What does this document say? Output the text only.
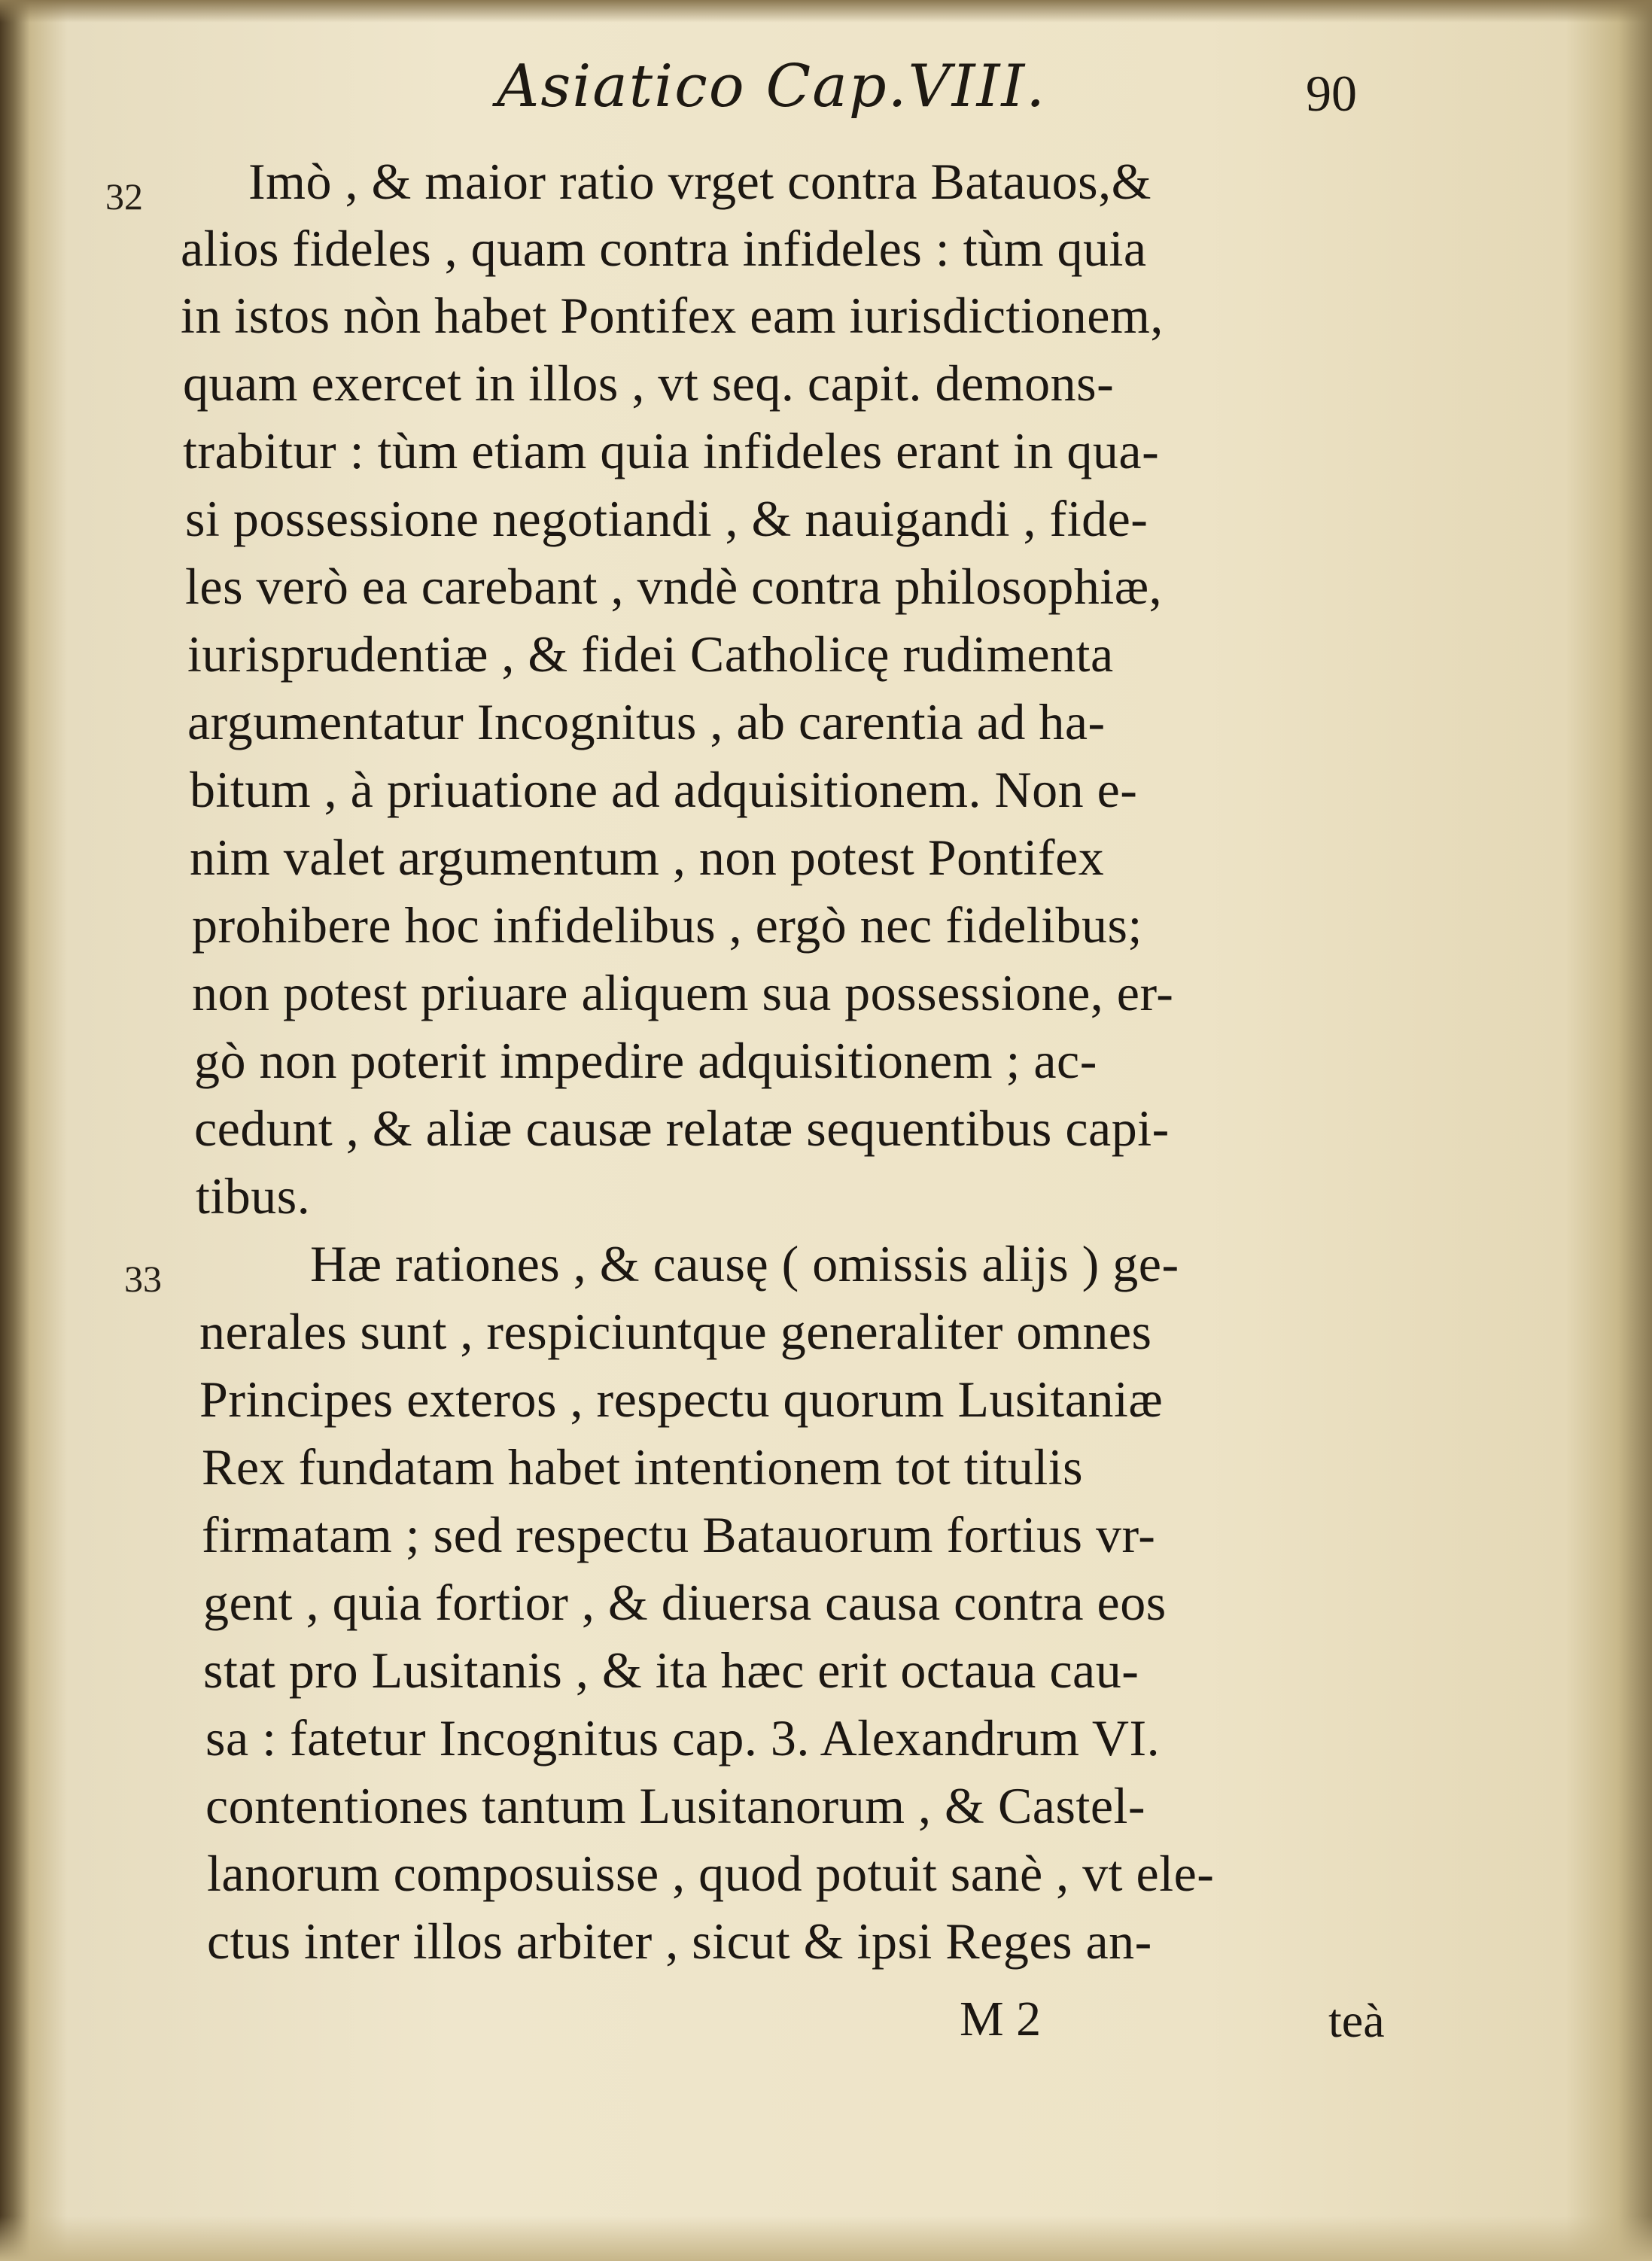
Asiatico Cap.VIII.	90
32 Imò , & maior ratio vrget contra Batauos,&
alios fideles , quam contra infideles : tùm quia
in istos nòn habet Pontifex eam iurisdictionem,
quam exercet in illos , vt seq. capit. demons-
trabitur : tùm etiam quia infideles erant in qua-
si possessione negotiandi , & nauigandi , fide-
les verò ea carebant , vndè contra philosophiæ,
iurisprudentiæ , & fidei Catholicę rudimenta
argumentatur Incognitus , ab carentia ad ha-
bitum , à priuatione ad adquisitionem. Non e-
nim valet argumentum , non potest Pontifex
prohibere hoc infidelibus , ergò nec fidelibus;
non potest priuare aliquem sua possessione, er-
gò non poterit impedire adquisitionem ; ac-
cedunt , & aliæ causæ relatæ sequentibus capi-
tibus.
33	Hæ rationes , & causę ( omissis alijs ) ge-
nerales sunt , respiciuntque generaliter omnes
Principes exteros , respectu quorum Lusitaniæ
Rex fundatam habet intentionem tot titulis
firmatam ; sed respectu Batauorum fortius vr-
gent , quia fortior , & diuersa causa contra eos
stat pro Lusitanis , & ita hæc erit octaua cau-
sa : fatetur Incognitus cap. 3. Alexandrum VI.
contentiones tantum Lusitanorum , & Castel-
lanorum composuisse , quod potuit sanè , vt ele-
ctus inter illos arbiter , sicut & ipsi Reges an-
M 2	teà
